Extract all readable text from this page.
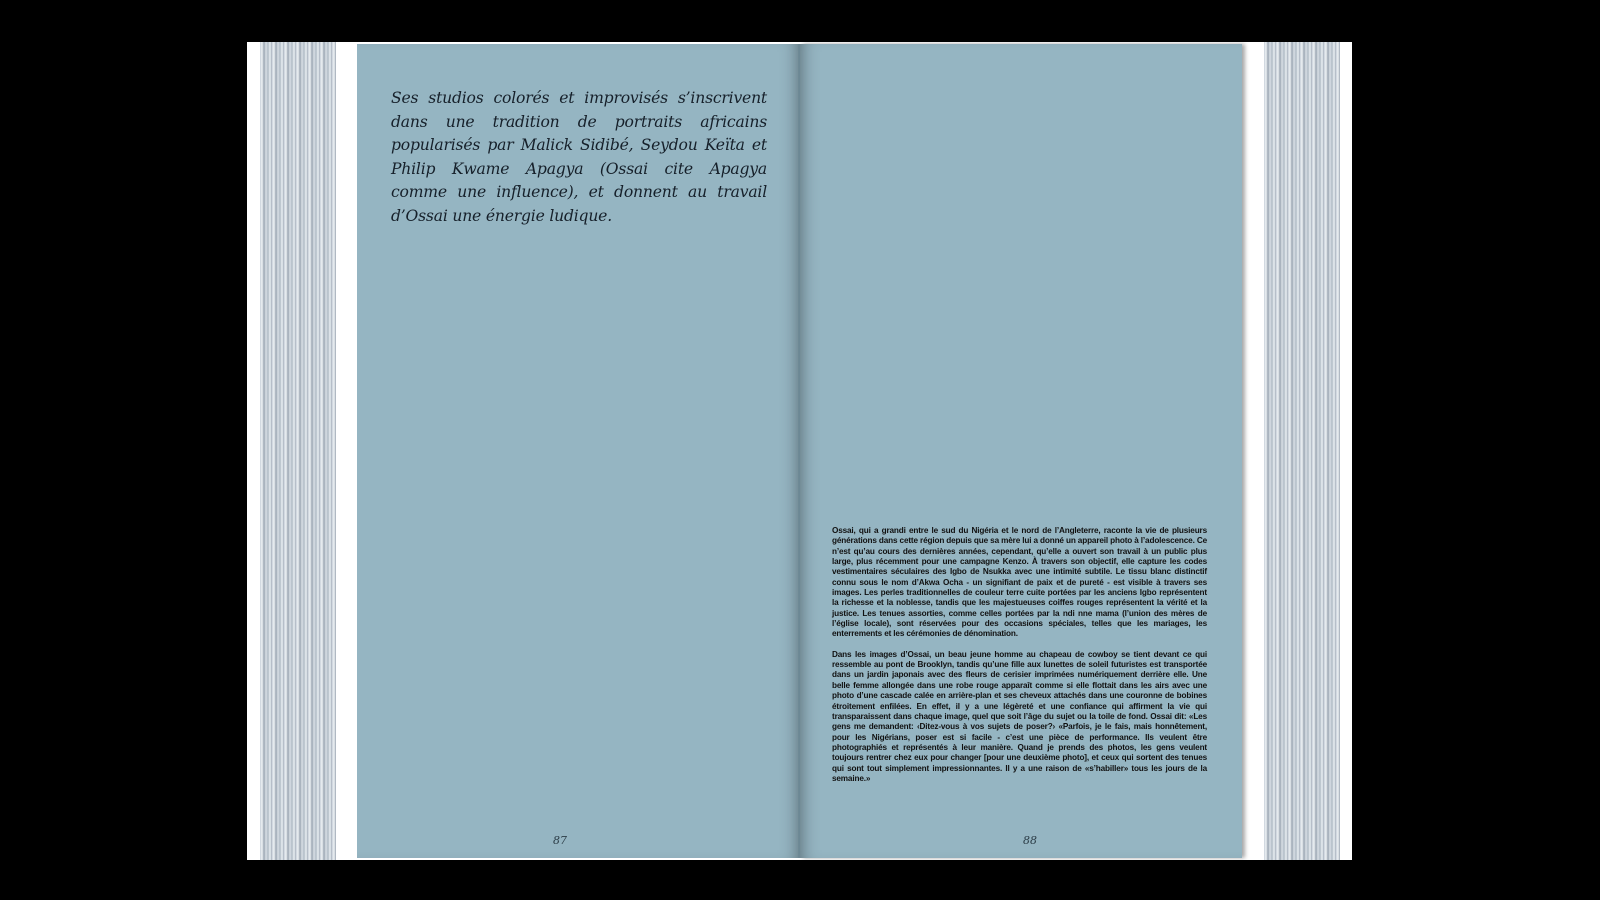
Ses studios colorés et improvisés s’inscrivent dans une tradition de portraits africains popularisés par Malick Sidibé, Seydou Keïta et Philip Kwame Apagya (Ossai cite Apagya comme une influence), et donnent au travail d’Ossai une énergie ludique.

87

Ossai, qui a grandi entre le sud du Nigéria et le nord de l’Angleterre, raconte la vie de plusieurs générations dans cette région depuis que sa mère lui a donné un appareil photo à l’adolescence. Ce n’est qu’au cours des dernières années, cependant, qu’elle a ouvert son travail à un public plus large, plus récemment pour une campagne Kenzo. À travers son objectif, elle capture les codes vestimentaires séculaires des Igbo de Nsukka avec une intimité subtile. Le tissu blanc distinctif connu sous le nom d’Akwa Ocha - un signifiant de paix et de pureté - est visible à travers ses images. Les perles traditionnelles de couleur terre cuite portées par les anciens Igbo représentent la richesse et la noblesse, tandis que les majestueuses coiffes rouges représentent la vérité et la justice. Les tenues assorties, comme celles portées par la ndi nne mama (l’union des mères de l’église locale), sont réservées pour des occasions spéciales, telles que les mariages, les enterrements et les cérémonies de dénomination.

Dans les images d’Ossai, un beau jeune homme au chapeau de cowboy se tient devant ce qui ressemble au pont de Brooklyn, tandis qu’une fille aux lunettes de soleil futuristes est transportée dans un jardin japonais avec des fleurs de cerisier imprimées numériquement derrière elle. Une belle femme allongée dans une robe rouge apparaît comme si elle flottait dans les airs avec une photo d’une cascade calée en arrière-plan et ses cheveux attachés dans une couronne de bobines étroitement enfilées. En effet, il y a une légèreté et une confiance qui affirment la vie qui transparaissent dans chaque image, quel que soit l’âge du sujet ou la toile de fond. Ossai dit: «Les gens me demandent: ‹Ditez-vous à vos sujets de poser?› «Parfois, je le fais, mais honnêtement, pour les Nigérians, poser est si facile - c’est une pièce de performance. Ils veulent être photographiés et représentés à leur manière. Quand je prends des photos, les gens veulent toujours rentrer chez eux pour changer [pour une deuxième photo], et ceux qui sortent des tenues qui sont tout simplement impressionnantes. Il y a une raison de «s’habiller» tous les jours de la semaine.»

88
